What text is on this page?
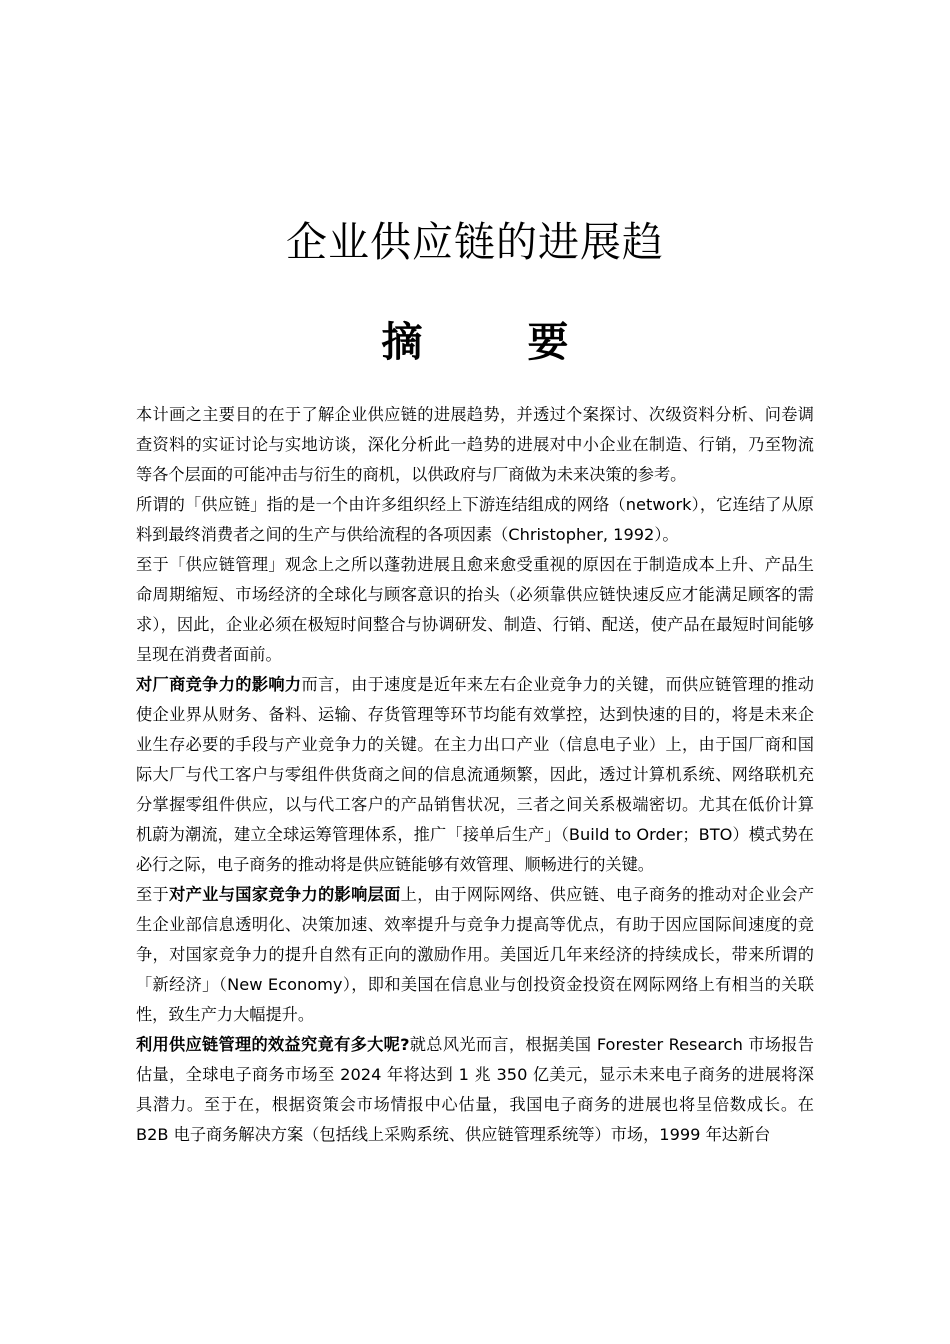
企业供应链的进展趋
摘　要

本计画之主要目的在于了解企业供应链的进展趋势，并透过个案探讨、次级资料分析、问卷调查资料的实证讨论与实地访谈，深化分析此一趋势的进展对中小企业在制造、行销，乃至物流等各个层面的可能冲击与衍生的商机，以供政府与厂商做为未来决策的参考。

所谓的「供应链」指的是一个由许多组织经上下游连结组成的网络（network），它连结了从原料到最终消费者之间的生产与供给流程的各项因素（Christopher, 1992）。

至于「供应链管理」观念上之所以蓬勃进展且愈来愈受重视的原因在于制造成本上升、产品生命周期缩短、市场经济的全球化与顾客意识的抬头（必须靠供应链快速反应才能满足顾客的需求），因此，企业必须在极短时间整合与协调研发、制造、行销、配送，使产品在最短时间能够呈现在消费者面前。

对厂商竞争力的影响力而言，由于速度是近年来左右企业竞争力的关键，而供应链管理的推动使企业界从财务、备料、运输、存货管理等环节均能有效掌控，达到快速的目的，将是未来企业生存必要的手段与产业竞争力的关键。在主力出口产业（信息电子业）上，由于国厂商和国际大厂与代工客户与零组件供货商之间的信息流通频繁，因此，透过计算机系统、网络联机充分掌握零组件供应，以与代工客户的产品销售状况，三者之间关系极端密切。尤其在低价计算机蔚为潮流，建立全球运筹管理体系，推广「接单后生产」（Build to Order；BTO）模式势在必行之际，电子商务的推动将是供应链能够有效管理、顺畅进行的关键。

至于对产业与国家竞争力的影响层面上，由于网际网络、供应链、电子商务的推动对企业会产生企业部信息透明化、决策加速、效率提升与竞争力提高等优点，有助于因应国际间速度的竞争，对国家竞争力的提升自然有正向的激励作用。美国近几年来经济的持续成长，带来所谓的「新经济」（New Economy），即和美国在信息业与创投资金投资在网际网络上有相当的关联性，致生产力大幅提升。

利用供应链管理的效益究竟有多大呢?就总风光而言，根据美国 Forester Research 市场报告估量，全球电子商务市场至 2024 年将达到 1 兆 350 亿美元，显示未来电子商务的进展将深具潜力。至于在，根据资策会市场情报中心估量，我国电子商务的进展也将呈倍数成长。在 B2B 电子商务解决方案（包括线上采购系统、供应链管理系统等）市场，1999 年达新台
